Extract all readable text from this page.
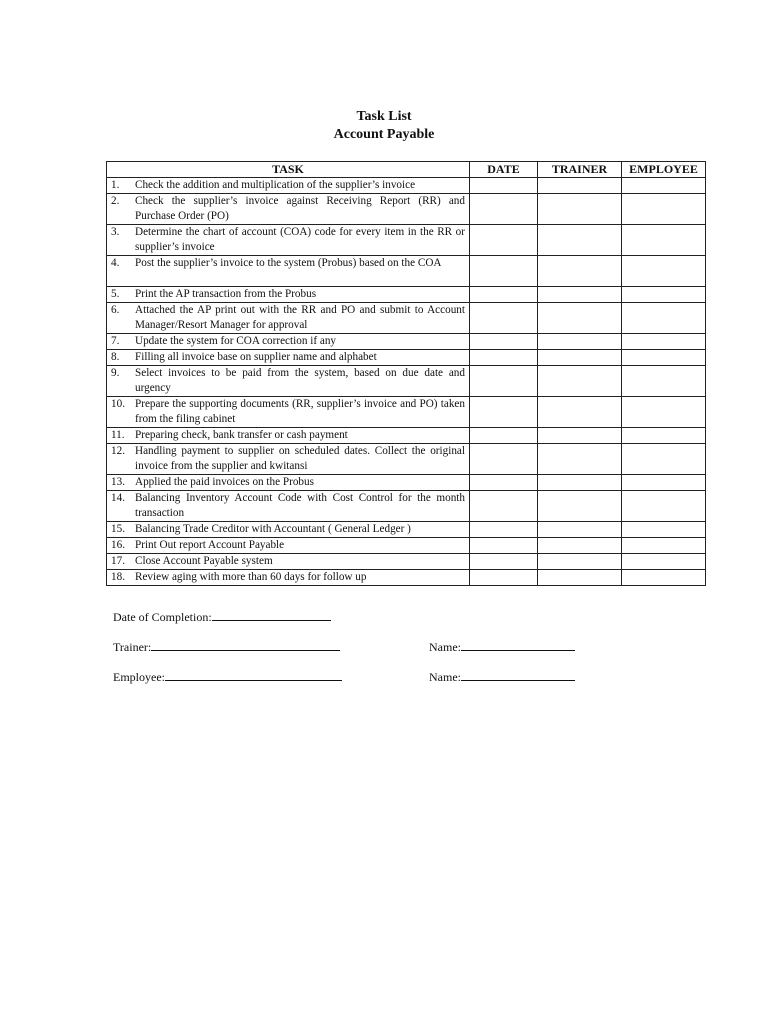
Task List
Account Payable
TASK	DATE	TRAINER	EMPLOYEE

1. Check the addition and multiplication of the supplier’s invoice			

2. Check the supplier’s invoice against Receiving Report (RR) and Purchase Order (PO)			

3. Determine the chart of account (COA) code for every item in the RR or supplier’s invoice			

4. Post the supplier’s invoice to the system (Probus) based on the COA			

5. Print the AP transaction from the Probus			

6. Attached the AP print out with the RR and PO and submit to Account Manager/Resort Manager for approval			

7. Update the system for COA correction if any			

8. Filling all invoice base on supplier name and alphabet			

9. Select invoices to be paid from the system, based on due date and urgency			

10. Prepare the supporting documents (RR, supplier’s invoice and PO) taken from the filing cabinet			

11. Preparing check, bank transfer or cash payment			

12. Handling payment to supplier on scheduled dates. Collect the original invoice from the supplier and kwitansi			

13. Applied the paid invoices on the Probus			

14. Balancing Inventory Account Code with Cost Control for the month transaction			

15. Balancing Trade Creditor with Accountant ( General Ledger )			

16. Print Out report Account Payable			

17. Close Account Payable system			

18. Review aging with more than 60 days for follow up			

Date of Completion:
Trainer:	Name:
Employee:	Name:
